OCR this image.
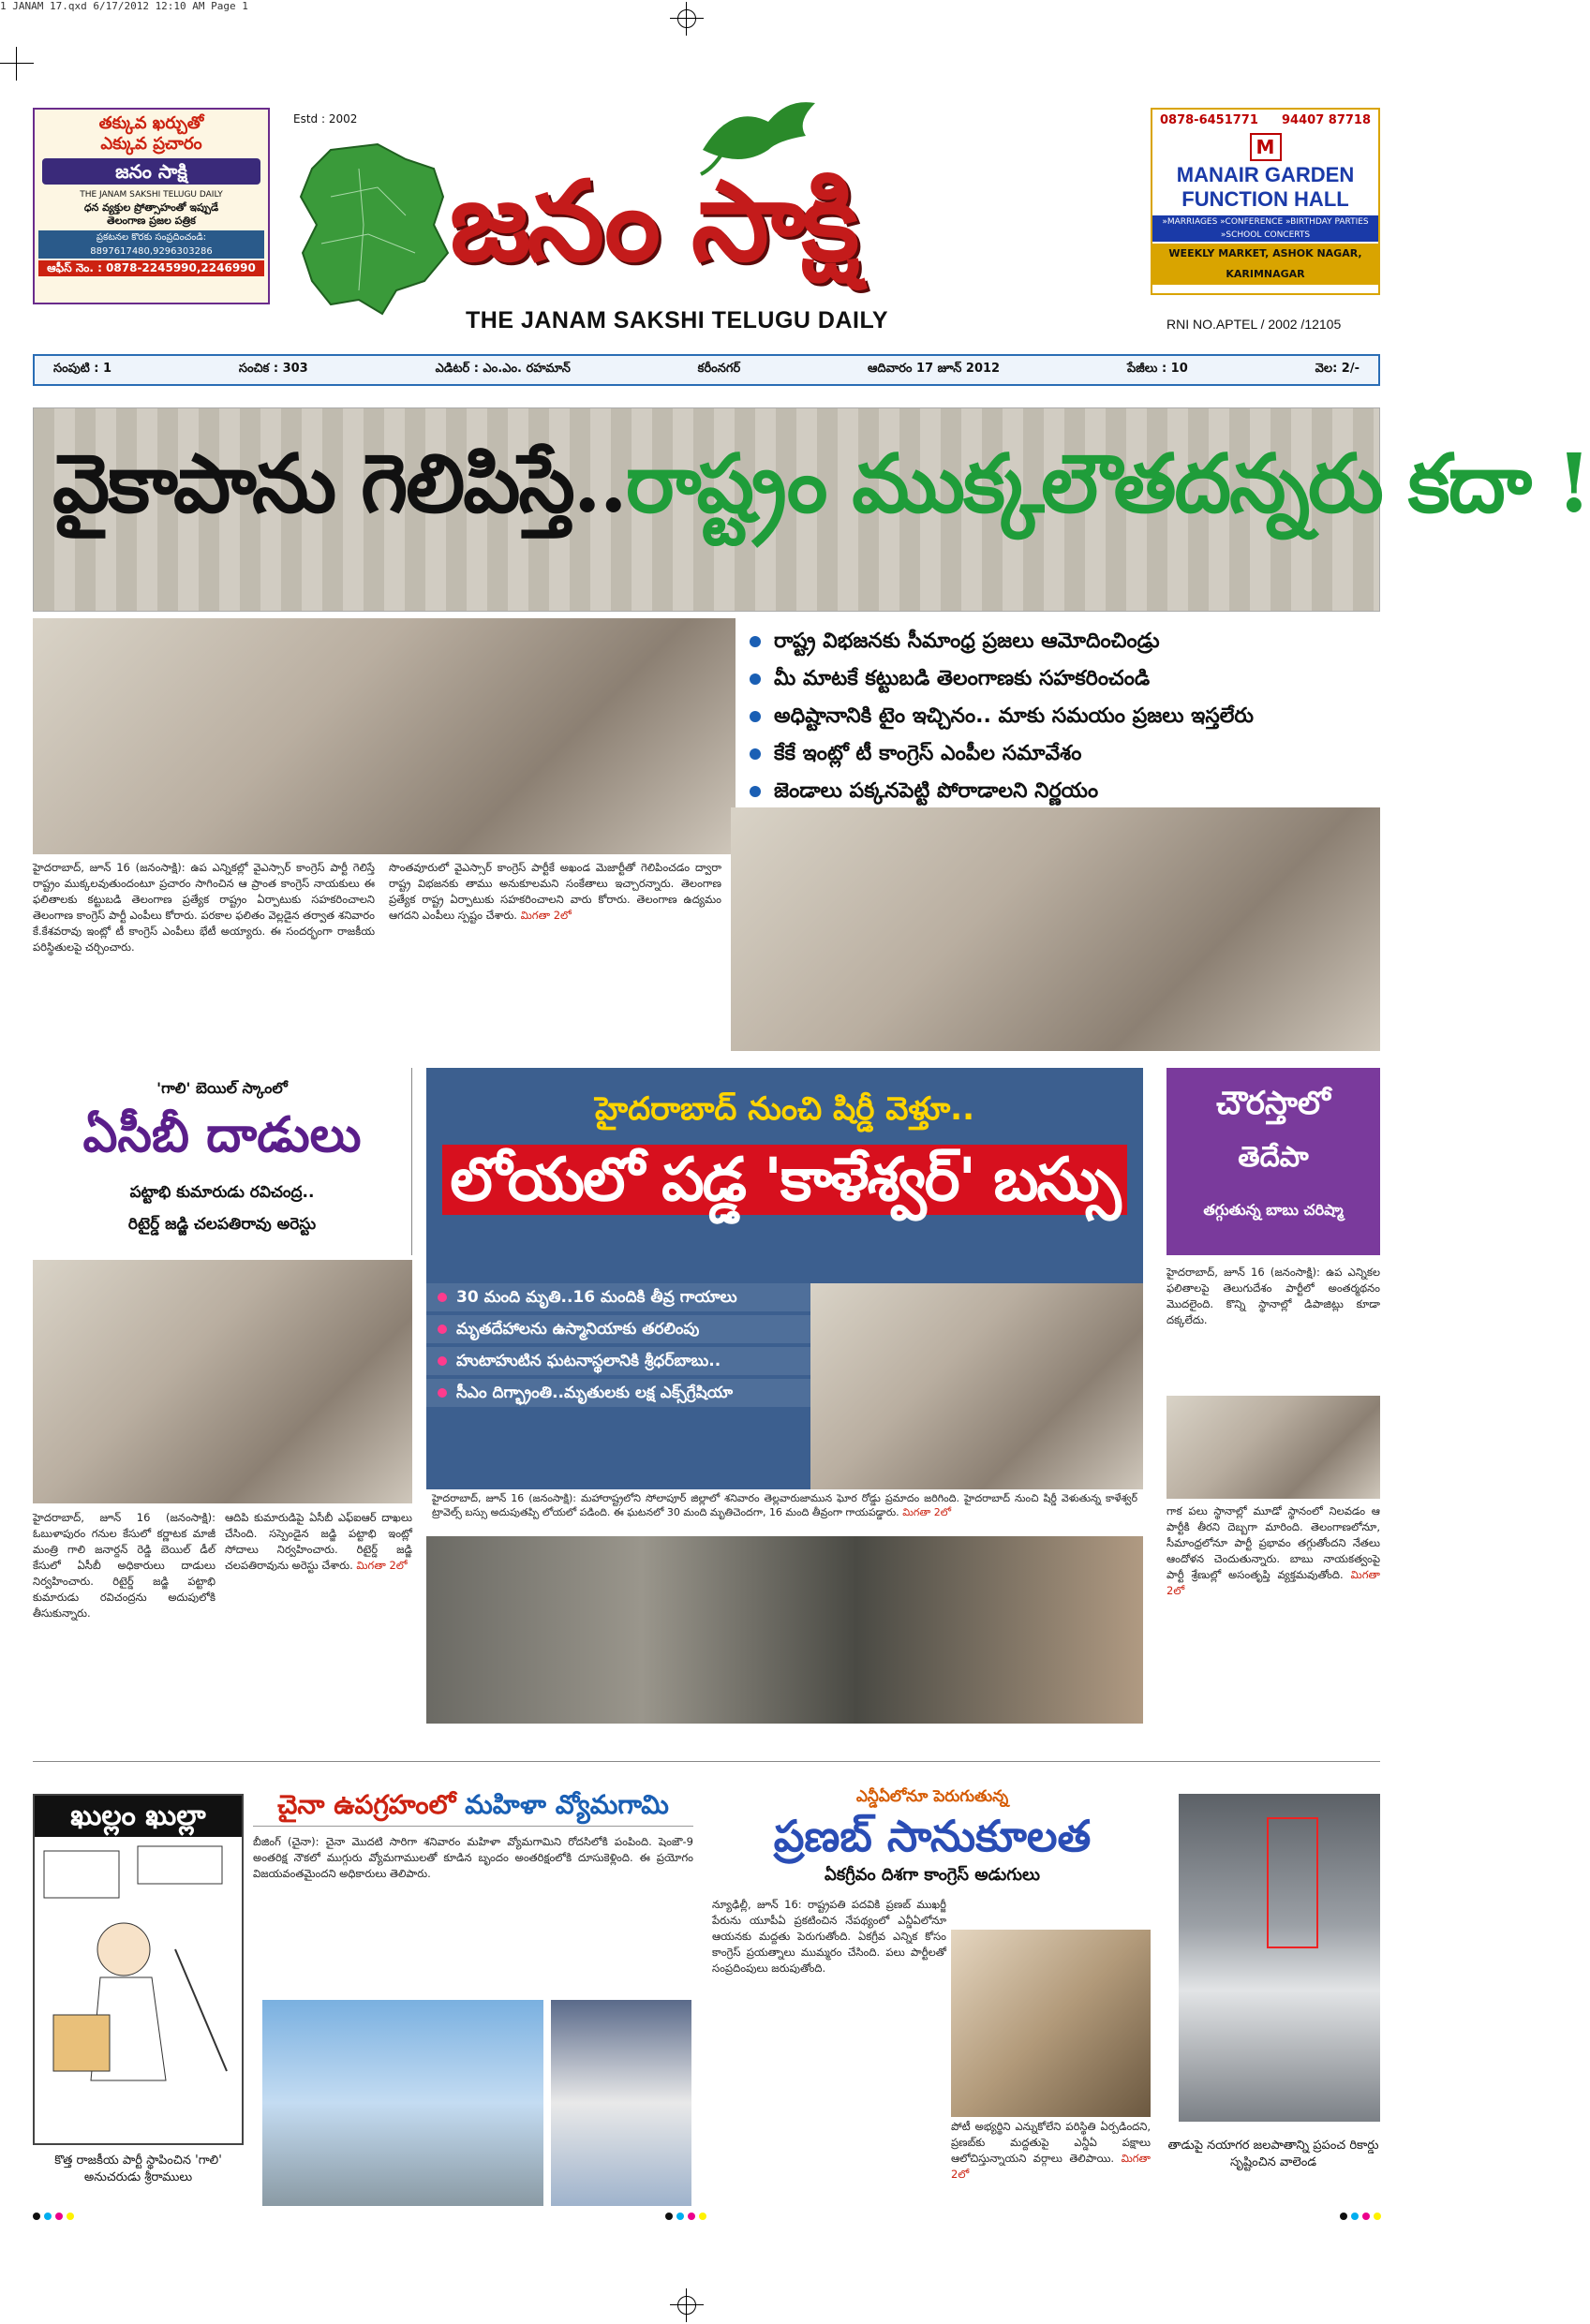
1 JANAM 17.qxd 6/17/2012 12:10 AM Page 1
తక్కువ ఖర్చుతో
ఎక్కువ ప్రచారం
జనం సాక్షి
THE JANAM SAKSHI TELUGU DAILY
ధన వ్యక్తుల ప్రోత్సాహంతో ఇప్పుడే
తెలంగాణ ప్రజల పత్రిక
ప్రకటనల కొరకు సంప్రదించండి: 8897617480,9296303286
ఆఫీస్ నెం. : 0878-2245990,2246990
Estd : 2002
జనం సాక్షి
THE JANAM SAKSHI TELUGU DAILY
0878-6451771 94407 87718
M
MANAIR GARDEN
FUNCTION HALL
»MARRIAGES »CONFERENCE »BIRTHDAY PARTIES »SCHOOL CONCERTS
WEEKLY MARKET, ASHOK NAGAR, KARIMNAGAR
RNI NO.APTEL / 2002 /12105
సంపుటి : 1	సంచిక : 303	ఎడిటర్ : ఎం.ఎం. రహమాన్	కరీంనగర్	ఆదివారం 17 జూన్ 2012	పేజీలు : 10	వెల: 2/-
వైకాపాను గెలిపిస్తే..రాష్ట్రం ముక్కలౌతదన్నరు కదా !
రాష్ట్ర విభజనకు సీమాంధ్ర ప్రజలు ఆమోదించిండ్రు
మీ మాటకే కట్టుబడి తెలంగాణకు సహకరించండి
అధిష్టానానికి టైం ఇచ్చినం.. మాకు సమయం ప్రజలు ఇస్తలేరు
కేకే ఇంట్లో టీ కాంగ్రెస్ ఎంపీల సమావేశం
జెండాలు పక్కనపెట్టి పోరాడాలని నిర్ణయం
హైదరాబాద్, జూన్ 16 (జనంసాక్షి): ఉప ఎన్నికల్లో వైఎస్సార్ కాంగ్రెస్ పార్టీ గెలిస్తే రాష్ట్రం ముక్కలవుతుందంటూ ప్రచారం సాగించిన ఆ ప్రాంత కాంగ్రెస్ నాయకులు ఈ ఫలితాలకు కట్టుబడి తెలంగాణ ప్రత్యేక రాష్ట్రం ఏర్పాటుకు సహకరించాలని తెలంగాణ కాంగ్రెస్ పార్టీ ఎంపీలు కోరారు. పరకాల ఫలితం వెల్లడైన తర్వాత శనివారం కే.కేశవరావు ఇంట్లో టీ కాంగ్రెస్ ఎంపీలు భేటీ అయ్యారు. ఈ సందర్భంగా రాజకీయ పరిస్థితులపై చర్చించారు.
సొంతవూరులో వైఎస్సార్ కాంగ్రెస్ పార్టీకే అఖండ మెజార్టీతో గెలిపించడం ద్వారా రాష్ట్ర విభజనకు తాము అనుకూలమని సంకేతాలు ఇచ్చారన్నారు. తెలంగాణ ప్రత్యేక రాష్ట్ర ఏర్పాటుకు సహకరించాలని వారు కోరారు. తెలంగాణ ఉద్యమం ఆగదని ఎంపీలు స్పష్టం చేశారు. మిగతా 2లో
'గాలి' బెయిల్ స్కాంలో
ఏసీబీ దాడులు
పట్టాభి కుమారుడు రవిచంద్ర..
రిటైర్డ్ జడ్జి చలపతిరావు అరెస్టు
హైదరాబాద్, జూన్ 16 (జనంసాక్షి): ఓబుళాపురం గనుల కేసులో కర్ణాటక మాజీ మంత్రి గాలి జనార్దన్ రెడ్డి బెయిల్ డీల్ కేసులో ఏసీబీ అధికారులు దాడులు నిర్వహించారు. రిటైర్డ్ జడ్జి పట్టాభి కుమారుడు రవిచంద్రను అదుపులోకి తీసుకున్నారు.
ఆదిపి కుమారుడిపై ఏసీబీ ఎఫ్ఐఆర్ దాఖలు చేసింది. సస్పెండైన జడ్జి పట్టాభి ఇంట్లో సోదాలు నిర్వహించారు. రిటైర్డ్ జడ్జి చలపతిరావును అరెస్టు చేశారు. మిగతా 2లో
హైదరాబాద్ నుంచి షిర్డీ వెళ్తూ..
లోయలో పడ్డ 'కాళేశ్వర్' బస్సు
30 మంది మృతి..16 మందికి తీవ్ర గాయాలు
మృతదేహాలను ఉస్మానియాకు తరలింపు
హుటాహుటిన ఘటనాస్థలానికి శ్రీధర్‌బాబు..
సీఎం దిగ్భ్రాంతి..మృతులకు లక్ష ఎక్స్‌గ్రేషియా
హైదరాబాద్, జూన్ 16 (జనంసాక్షి): మహారాష్ట్రలోని సోలాపూర్ జిల్లాలో శనివారం తెల్లవారుజామున ఘోర రోడ్డు ప్రమాదం జరిగింది. హైదరాబాద్ నుంచి షిర్డీ వెళుతున్న కాళేశ్వర్ ట్రావెల్స్ బస్సు అదుపుతప్పి లోయలో పడింది. ఈ ఘటనలో 30 మంది మృతిచెందగా, 16 మంది తీవ్రంగా గాయపడ్డారు. మిగతా 2లో
చౌరస్తాలో
తెదేపా
తగ్గుతున్న బాబు చరిష్మా
హైదరాబాద్, జూన్ 16 (జనంసాక్షి): ఉప ఎన్నికల ఫలితాలపై తెలుగుదేశం పార్టీలో అంతర్మథనం మొదలైంది. కొన్ని స్థానాల్లో డిపాజిట్లు కూడా దక్కలేదు.
గాక పలు స్థానాల్లో మూడో స్థానంలో నిలవడం ఆ పార్టీకి తీరని దెబ్బగా మారింది. తెలంగాణలోనూ, సీమాంధ్రలోనూ పార్టీ ప్రభావం తగ్గుతోందని నేతలు ఆందోళన చెందుతున్నారు. బాబు నాయకత్వంపై పార్టీ శ్రేణుల్లో అసంతృప్తి వ్యక్తమవుతోంది. మిగతా 2లో
ఖుల్లం ఖుల్లా
కొత్త రాజకీయ పార్టీ స్థాపించిన 'గాలి' అనుచరుడు శ్రీరాములు
చైనా ఉపగ్రహంలో మహిళా వ్యోమగామి
బీజింగ్ (చైనా): చైనా మొదటి సారిగా శనివారం మహిళా వ్యోమగామిని రోదసిలోకి పంపింది. షెంజౌ-9 అంతరిక్ష నౌకలో ముగ్గురు వ్యోమగాములతో కూడిన బృందం అంతరిక్షంలోకి దూసుకెళ్లింది. ఈ ప్రయోగం విజయవంతమైందని అధికారులు తెలిపారు.
ఎన్డీఏలోనూ పెరుగుతున్న
ప్రణబ్ సానుకూలత
ఏకగ్రీవం దిశగా కాంగ్రెస్ అడుగులు
న్యూఢిల్లీ, జూన్ 16: రాష్ట్రపతి పదవికి ప్రణబ్ ముఖర్జీ పేరును యూపీఏ ప్రకటించిన నేపథ్యంలో ఎన్డీఏలోనూ ఆయనకు మద్దతు పెరుగుతోంది. ఏకగ్రీవ ఎన్నిక కోసం కాంగ్రెస్ ప్రయత్నాలు ముమ్మరం చేసింది. పలు పార్టీలతో సంప్రదింపులు జరుపుతోంది.
పోటీ అభ్యర్థిని ఎన్నుకోలేని పరిస్థితి ఏర్పడిందని, ప్రణబ్‌కు మద్దతుపై ఎన్డీఏ పక్షాలు ఆలోచిస్తున్నాయని వర్గాలు తెలిపాయి. మిగతా 2లో
తాడుపై నయాగర జలపాతాన్ని ప్రపంచ రికార్డు సృష్టించిన వాలెండ
